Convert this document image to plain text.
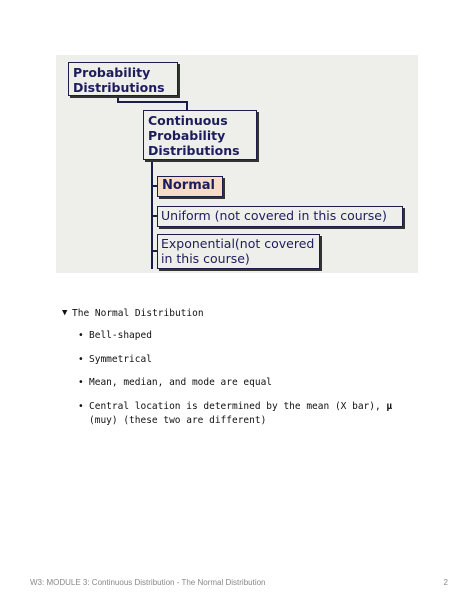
Probability
Distributions
Continuous
Probability
Distributions
Normal
Uniform (not covered in this course)
Exponential(not covered
in this course)
▼ The Normal Distribution
• Bell-shaped
• Symmetrical
• Mean, median, and mode are equal
• Central location is determined by the mean (X bar), μ
(muy) (these two are different)
W3: MODULE 3: Continuous Distribution - The Normal Distribution	2
